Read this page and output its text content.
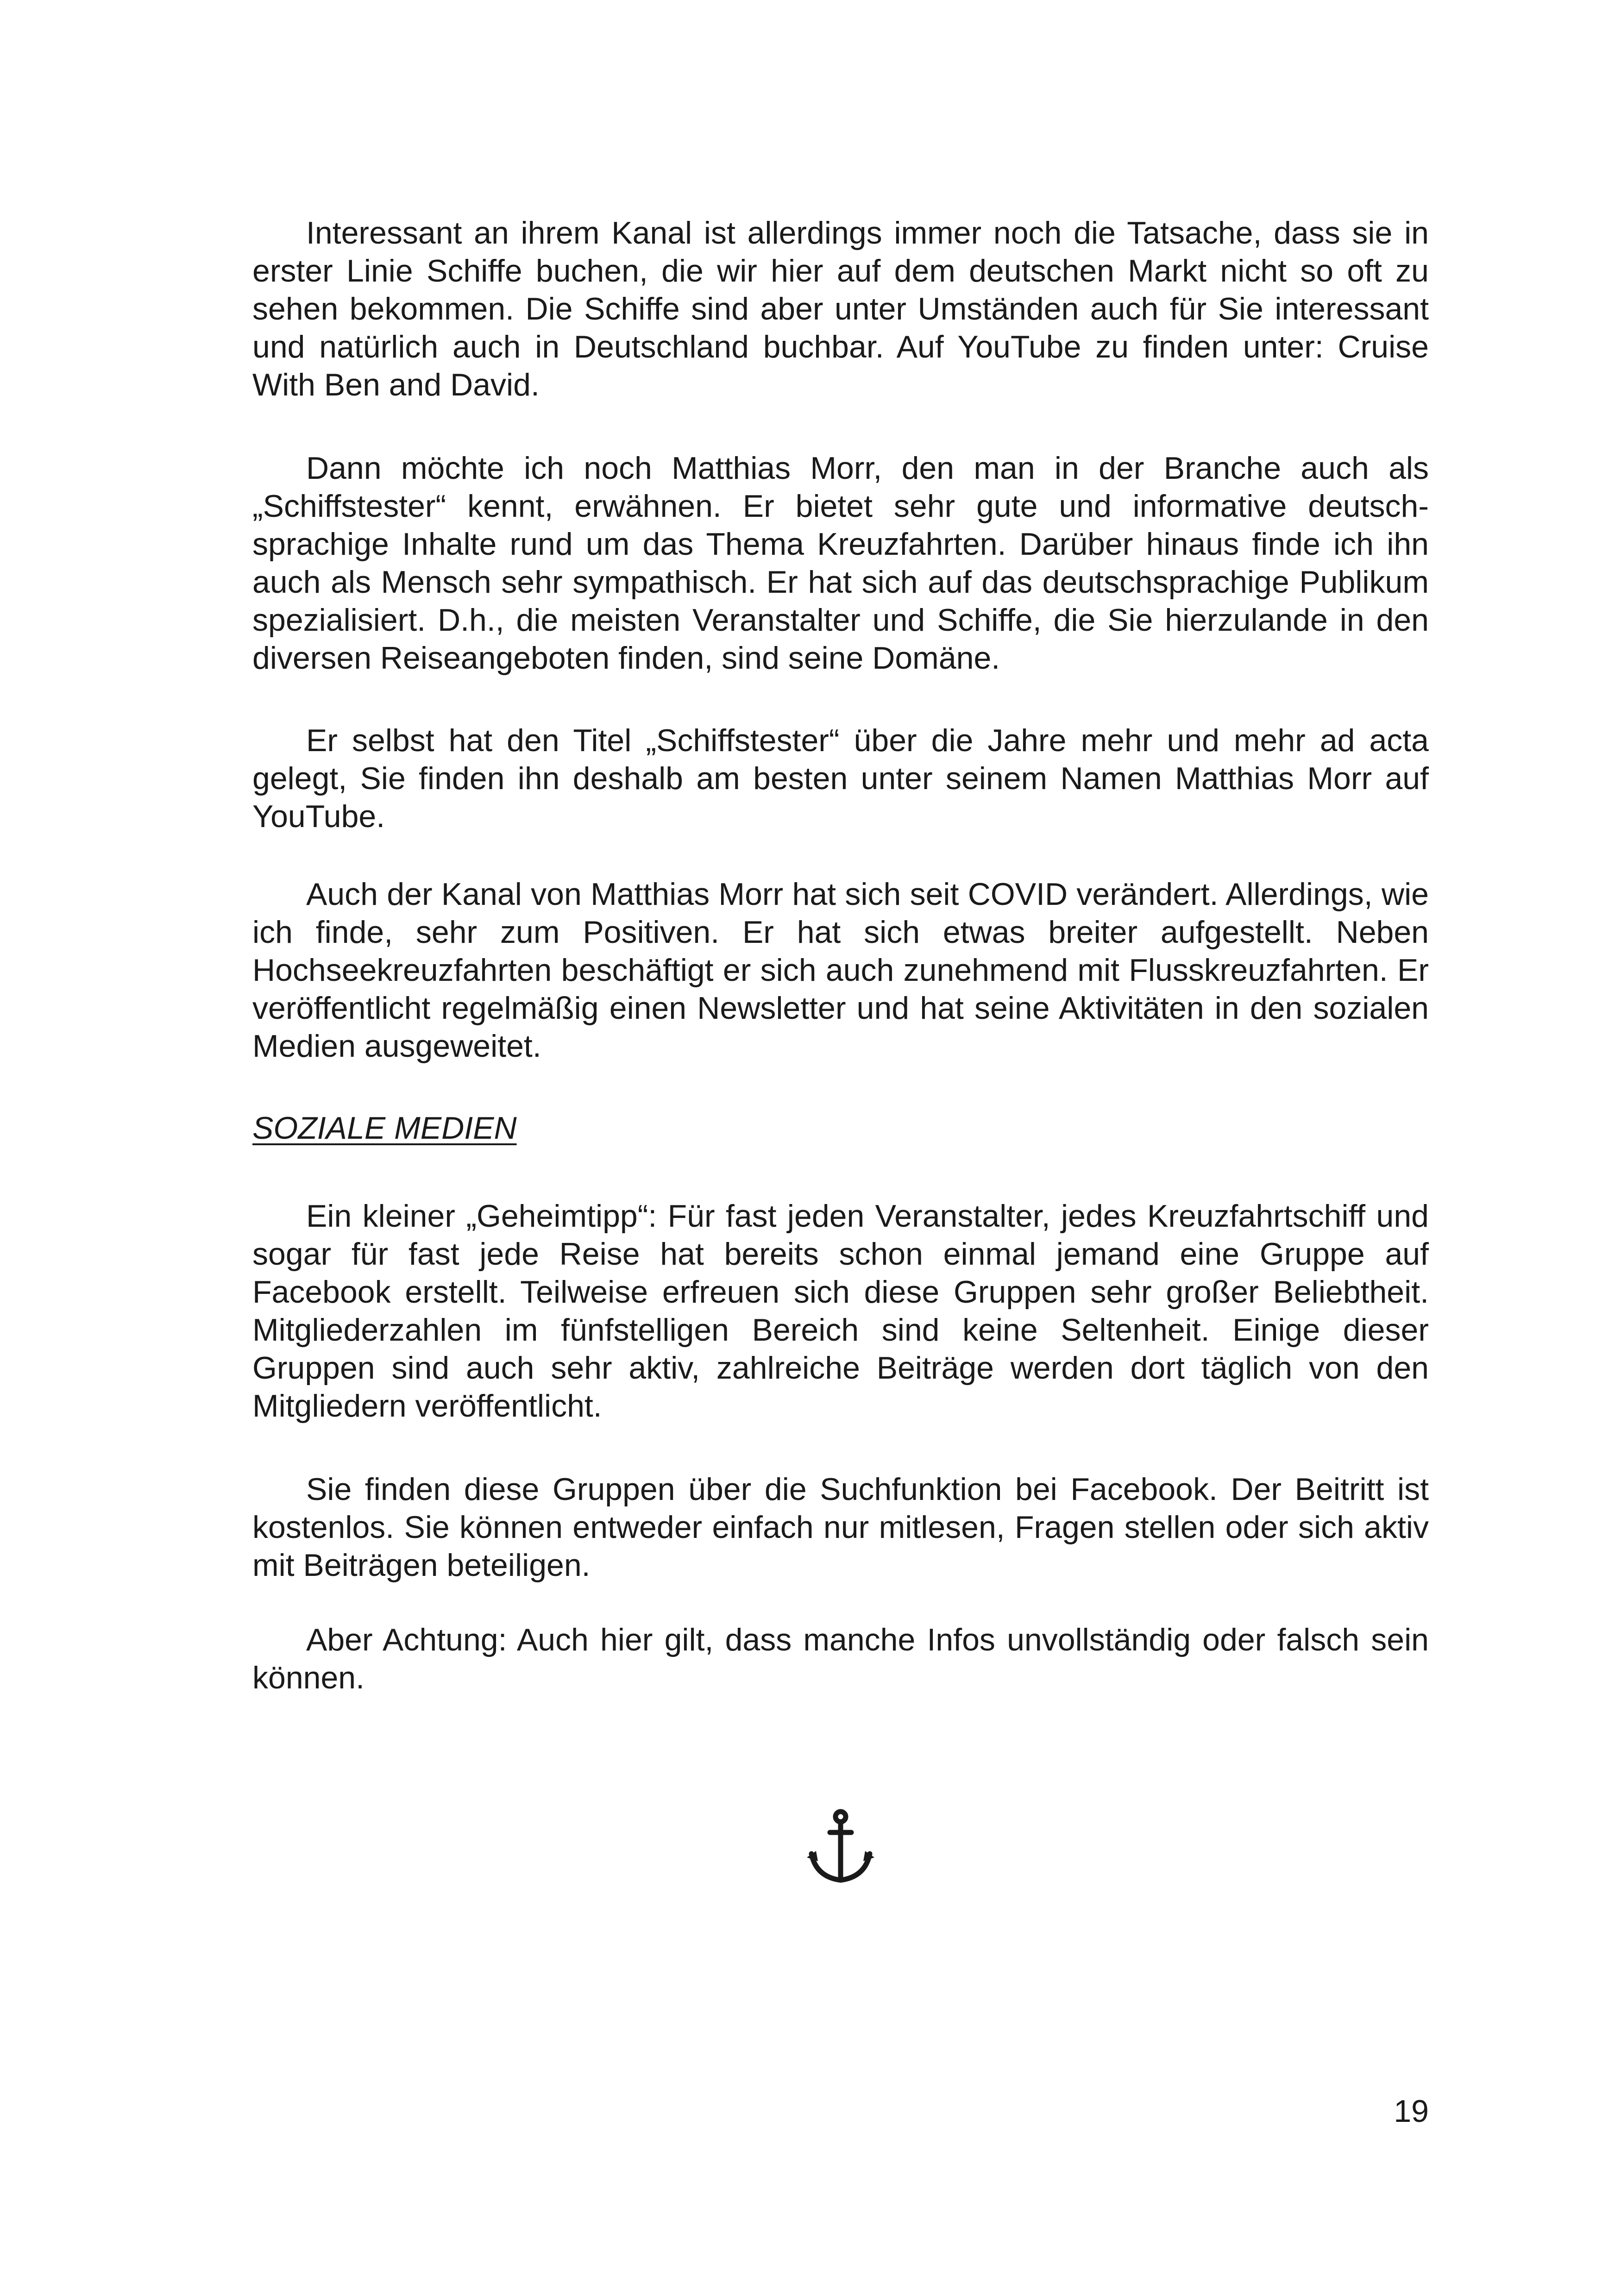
Interessant an ihrem Kanal ist allerdings immer noch die Tatsache, dass sie in erster Linie Schiffe buchen, die wir hier auf dem deutschen Markt nicht so oft zu sehen bekommen. Die Schiffe sind aber unter Umständen auch für Sie interessant und natürlich auch in Deutschland buchbar. Auf YouTube zu finden unter: Cruise With Ben and David.

Dann möchte ich noch Matthias Morr, den man in der Branche auch als „Schiffstester“ kennt, erwähnen. Er bietet sehr gute und informative deutschsprachige Inhalte rund um das Thema Kreuzfahrten. Darüber hinaus finde ich ihn auch als Mensch sehr sympathisch. Er hat sich auf das deutschsprachige Publikum spezialisiert. D.h., die meisten Veranstalter und Schiffe, die Sie hierzulande in den diversen Reiseangeboten finden, sind seine Domäne.

Er selbst hat den Titel „Schiffstester“ über die Jahre mehr und mehr ad acta gelegt, Sie finden ihn deshalb am besten unter seinem Namen Matthias Morr auf YouTube.

Auch der Kanal von Matthias Morr hat sich seit COVID verändert. Allerdings, wie ich finde, sehr zum Positiven. Er hat sich etwas breiter aufgestellt. Neben Hochseekreuzfahrten beschäftigt er sich auch zunehmend mit Flusskreuzfahrten. Er veröffentlicht regelmäßig einen Newsletter und hat seine Aktivitäten in den sozialen Medien ausgeweitet.

SOZIALE MEDIEN

Ein kleiner „Geheimtipp“: Für fast jeden Veranstalter, jedes Kreuzfahrtschiff und sogar für fast jede Reise hat bereits schon einmal jemand eine Gruppe auf Facebook erstellt. Teilweise erfreuen sich diese Gruppen sehr großer Beliebtheit. Mitgliederzahlen im fünfstelligen Bereich sind keine Seltenheit. Einige dieser Gruppen sind auch sehr aktiv, zahlreiche Beiträge werden dort täglich von den Mitgliedern veröffentlicht.

Sie finden diese Gruppen über die Suchfunktion bei Facebook. Der Beitritt ist kostenlos. Sie können entweder einfach nur mitlesen, Fragen stellen oder sich aktiv mit Beiträgen beteiligen.

Aber Achtung: Auch hier gilt, dass manche Infos unvollständig oder falsch sein können.

19
